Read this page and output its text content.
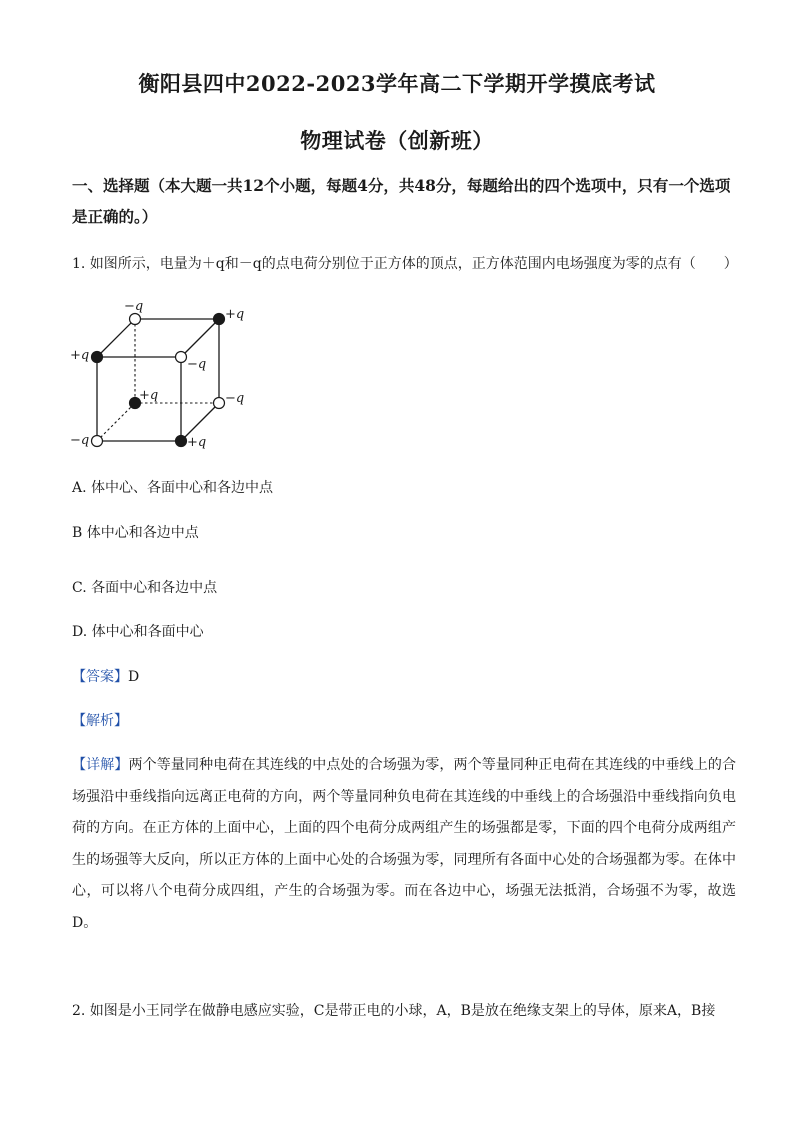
衡阳县四中2022-2023学年高二下学期开学摸底考试
物理试卷（创新班）
一、选择题（本大题一共12个小题，每题4分，共48分，每题给出的四个选项中，只有一个选项是正确的。）
1. 如图所示，电量为＋q和－q的点电荷分别位于正方体的顶点，正方体范围内电场强度为零的点有（　　）
−q
+q
+q
−q
+q	−q
−q	+q
A. 体中心、各面中心和各边中点
B 体中心和各边中点
C. 各面中心和各边中点
D. 体中心和各面中心
【答案】D
【解析】
【详解】两个等量同种电荷在其连线的中点处的合场强为零，两个等量同种正电荷在其连线的中垂线上的合场强沿中垂线指向远离正电荷的方向，两个等量同种负电荷在其连线的中垂线上的合场强沿中垂线指向负电荷的方向。在正方体的上面中心，上面的四个电荷分成两组产生的场强都是零，下面的四个电荷分成两组产生的场强等大反向，所以正方体的上面中心处的合场强为零，同理所有各面中心处的合场强都为零。在体中心，可以将八个电荷分成四组，产生的合场强为零。而在各边中心，场强无法抵消，合场强不为零，故选D。
2. 如图是小王同学在做静电感应实验，C是带正电的小球，A，B是放在绝缘支架上的导体，原来A，B接
